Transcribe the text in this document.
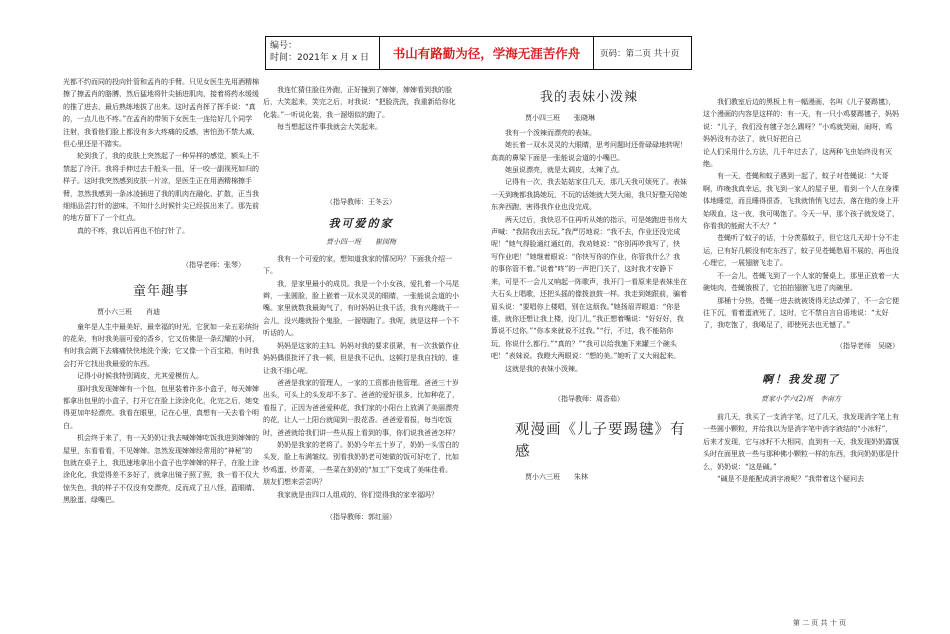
编号：
时间：2021年 x 月 x 日	书山有路勤为径，学海无涯苦作舟	页码：第二页 共十页

光都不约而同的投向针管和孟肖的手臂。只见女医生先用酒精棉擦了擦孟肖的胳膊，然后猛地将针尖插进肌肉，接着将药水缓缓的推了进去，最后熟练地拔了出来。这时孟肖挥了挥手说：“真的，一点儿也不疼。”在孟肖的带领下女医生一连给好几个同学注射，我看他们脸上都没有多大疼痛的反感，害怕劲不禁大减，但心里还是不踏实。

轮到我了，我的皮肤上突然起了一种异样的感觉，额头上不禁起了冷汗。我将手伸过去千般头一扭，牙一咬一副视死如归的样子。这时我突然感到皮肤一片凉，是医生正在用酒精棉擦手臂，忽然我感到一条冰凌插进了我的肌肉在融化、扩散，正当我细细品尝打针的滋味，不知什么时候针尖已经拔出来了。那先前的地方留下了一个红点。

真的不疼，我以后再也不怕打针了。

（指导老师：张琴）

童年趣事

贾小六三班　　肖迪

童年是人生中最美好、最幸福的时光，它犹如一朵五彩缤纷的花朵，有时我美丽可爱的香乡，它又仿佛是一条幻耀的小河，有时我会跳下去痛痛快快地洗个澡；它又像一个百宝箱，有时我会打开它找出我最爱的东西。

记得小时候我特别调皮，尤其爱模仿人。

那时我发现婶婶有一个包，包里装着许多小盒子，每天婶婶都拿出包里的小盒子，打开它在脸上涂涂化化，化完之后，她变得更加年轻漂亮。我看在眼里，记在心里，真想有一天去看个明白。

机会终于来了，有一天奶奶让我去喊婶婶吃饭我进到婶婶的屋里，东看看看，不见婶婶。忽然发现婶婶经常用的“神秘”的包就在桌子上，我迅速地拿出小盒子也学婶婶的样子，在脸上涂涂化化，我觉得差不多好了，就拿出镜子照了照，我一看不仅大惊失色，我的样子不仅没有变漂亮，反而成了丑八怪，蓝眼睛、黑脸蛋、绿嘴巴。

我连忙猜住脸往外跑，正好撞到了婶婶，婶婶看到我的脸后，大笑起来，笑完之后，对我说：“把脸洗洗，我重新给你化化装。”一听说化装，我一溜烟似的跑了。

每当想起这件事我就会大笑起来。

（指导教师：王冬云）

我可爱的家

贾小四一班　　崔园梅

我有一个可爱的家，想知道我家的情况吗？下面我介绍一下。

我，是家里最小的成员。我是一个小女孩，爱扎着一个马尾辫，一张圆脸，脸上嵌着一双水灵灵的眼睛，一张能说会道的小嘴。家里就数我最淘气了，有时妈妈让我干活，我有兴趣就干一会儿，没兴趣就扮个鬼脸，一溜烟跑了。我呢，就是这样一个不听话的人。

妈妈是这家的主妇。妈妈对我的要求很紧，有一次我做作业妈妈偶很批评了我一顿，但是我不记仇，这顿打是我自找的，谁让我不细心呢。

爸爸是我家的管理人，一家的工资都由他管理。爸爸三十岁出头，可头上的头发却不多了。爸爸的爱好很多，比如种花了，看报了，正因为爸爸爱种花，我们家的小阳台上放满了美丽漂亮的花，让人一上阳台就闻到一股花香。爸爸爱看报，每当吃饭时，爸爸就给我们讲一些从报上看到的事，你们说我爸爸怎样？

奶奶是我家的老将了。奶奶今年五十岁了，奶奶一头雪白的头发，脸上布满皱纹。别看我奶奶老可她做的饭可好吃了，比如炒鸡蛋、炒青菜，一些菜在奶奶的“加工”下变成了美味佳肴。朋友们想来尝尝吗？

我家就是由四口人组成的，你们觉得我的家幸福吗？

（指导教师：郭红丽）

我的表妹小泼辣

贾小四三班　　张晓琳

我有一个泼辣而漂亮的表妹。

她长着一双水灵灵的大眼睛，思考问题时还骨碌碌地转呢！高高的鼻梁下面是一张能说会道的小嘴巴。

她虽说漂亮，就是太调皮，太辣了点。

记得有一次，我去姑姑家住几天，那几天我可烦死了。表妹一天到晚都我捣她玩，不玩的话她就大哭大闹，我只好整天陪她东奔西跑，害得我作业也没完成。

两天过后，我快忍不住再听从她的指示，可是她跑进书房大声喊：“我陪我出去玩。”我严厉地说：“我不去，作业还没完成呢！”她气得脸通红通红的，我劝她说：“你别再吵我写了，快写作业吧！”她继着眼说：“你快写你的作业，你管我什么？我的事你管不着。”说着“咚”的一声把门关了，这时我才安静下来，可是不一会儿又响起一阵歌声，我开门一看原来是表妹坐在大石头上唱歌，还把头摇的像拨浪鼓一样。我走到她跟前，骗着眉头说：“要唱你上楼唱，别在这烦我。”她扬眉弄眼道：“你是谁，就你还想让我上楼，没门儿，”我正想着嘴说：“好好好，我算说不过你。”“你本来就说不过我。”“行，不过，我不能陪你玩，你说什么都行。”“真的？”“我可以给我施下来罐三个碗头吧！”表妹说。我瞪大两眼说：“想的美。”她听了又大闹起来。

这就是我的表妹小泼辣。

（指导教师：周香茹）

观漫画《儿子要踢毽》有感

贾小六三班　　朱林

我们教室后边的黑板上有一幅漫画，名叫《儿子要踢毽》，这个漫画的内容是这样的：有一天，有一只小鸡要踢毽子，妈妈说：“儿子，我们没有毽子怎么踢呀？”小鸡就哭闹，闹呀，鸡妈妈没有办法了，就只好把自己

论人们采用什么方法，几千年过去了，这两种飞虫始终没有灭绝。

有一天，苍蝇和蚊子遇到一起了，蚊子对苍蝇说：“大哥啊，昨晚我真幸运，我飞到一家人的屋子里，看到一个人在身裸体地睡觉，而且睡得很香，飞我就悄悄飞过去，落在他的身上开始吸血，这一夜，我可喝饱了。今天一早，那个孩子就发烧了，你看我的能耐大不大？”

苍蝇听了蚊子的话，十分羡慕蚊子，但它这几天却十分不走运，已有好几顿没有吃东西了，蚊子见苍蝇愁眉不展的，再也没心理它，一展翅膀飞走了。

不一会儿，苍蝇飞到了一个人家的餐桌上，那里正放着一大碗炖肉，苍蝇饿极了，它拍拍翅膀飞进了肉碗里。

那桶十分热，苍蝇一进去就被烫得无法动弹了，不一会它便往下沉，看着蛋液死了，这时，它不禁自言自语地说：“太好了，我吃饱了，我喝足了，即使死去也无憾了。”

（指导老师　吴晓）

啊！我发现了

贾家小学六(2)班　李南方

前几天，我买了一支消字笔，过了几天，我发现消字笔上有一些圆小颗粒，并给我以为是消字笔中消字液结的“小冰籽”，后来才发现，它与冰籽不大相同，直到有一天，我发现奶奶露馍头时在面里放一些与那种佛小颗粒一样的东西，我问奶奶那是什么，奶奶说：“这是碱。”

“碱是不是能配成消字液呢？”我带着这个疑问去

第 二 页 共 十 页
